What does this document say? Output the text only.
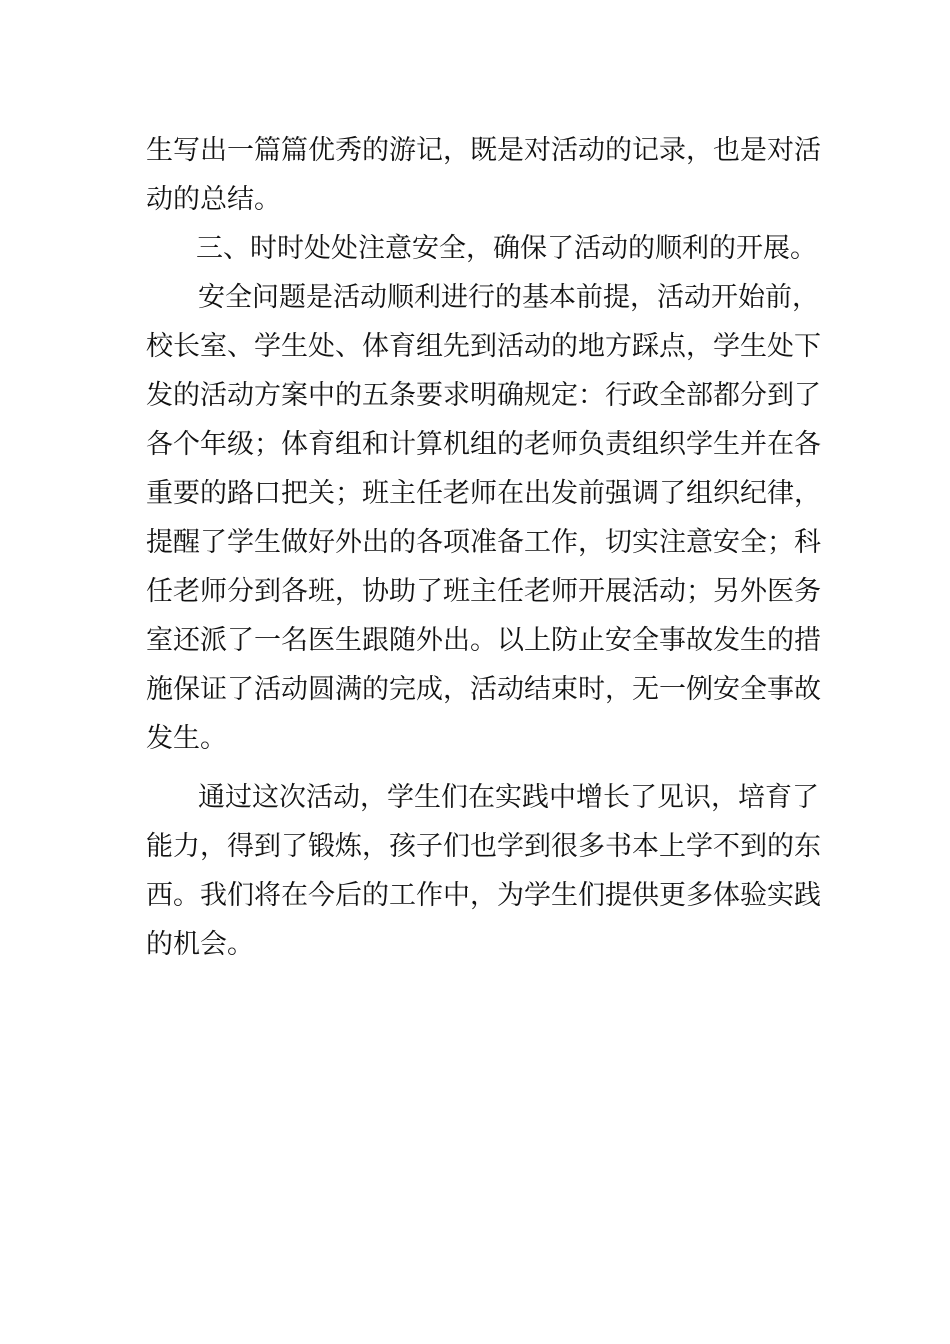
生写出一篇篇优秀的游记，既是对活动的记录，也是对活
动的总结。
三、时时处处注意安全，确保了活动的顺利的开展。
安全问题是活动顺利进行的基本前提，活动开始前，
校长室、学生处、体育组先到活动的地方踩点，学生处下
发的活动方案中的五条要求明确规定：行政全部都分到了
各个年级；体育组和计算机组的老师负责组织学生并在各
重要的路口把关；班主任老师在出发前强调了组织纪律，
提醒了学生做好外出的各项准备工作，切实注意安全；科
任老师分到各班，协助了班主任老师开展活动；另外医务
室还派了一名医生跟随外出。以上防止安全事故发生的措
施保证了活动圆满的完成，活动结束时，无一例安全事故
发生。
通过这次活动，学生们在实践中增长了见识，培育了
能力，得到了锻炼，孩子们也学到很多书本上学不到的东
西。我们将在今后的工作中，为学生们提供更多体验实践
的机会。
